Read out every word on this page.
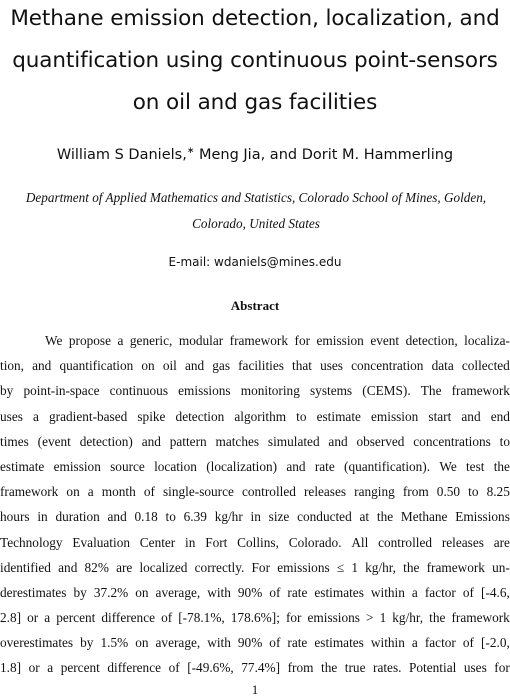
Methane emission detection, localization, and
quantification using continuous point-sensors
on oil and gas facilities
William S Daniels,∗ Meng Jia, and Dorit M. Hammerling
Department of Applied Mathematics and Statistics, Colorado School of Mines, Golden,
Colorado, United States
E-mail: wdaniels@mines.edu
Abstract
We propose a generic, modular framework for emission event detection, localiza-
tion, and quantification on oil and gas facilities that uses concentration data collected
by point-in-space continuous emissions monitoring systems (CEMS). The framework
uses a gradient-based spike detection algorithm to estimate emission start and end
times (event detection) and pattern matches simulated and observed concentrations to
estimate emission source location (localization) and rate (quantification). We test the
framework on a month of single-source controlled releases ranging from 0.50 to 8.25
hours in duration and 0.18 to 6.39 kg/hr in size conducted at the Methane Emissions
Technology Evaluation Center in Fort Collins, Colorado. All controlled releases are
identified and 82% are localized correctly. For emissions ≤ 1 kg/hr, the framework un-
derestimates by 37.2% on average, with 90% of rate estimates within a factor of [-4.6,
2.8] or a percent difference of [-78.1%, 178.6%]; for emissions > 1 kg/hr, the framework
overestimates by 1.5% on average, with 90% of rate estimates within a factor of [-2.0,
1.8] or a percent difference of [-49.6%, 77.4%] from the true rates. Potential uses for
1
